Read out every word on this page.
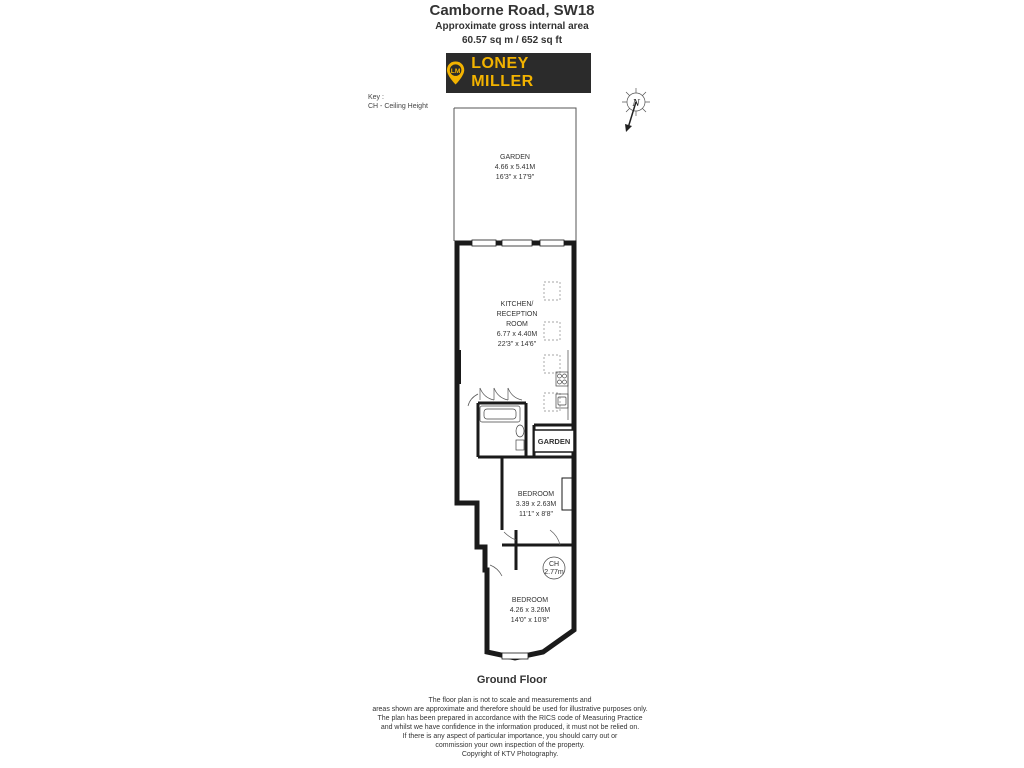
Camborne Road, SW18
Approximate gross internal area
60.57 sq m / 652 sq ft
LM LONEY MILLER
Key :
CH - Ceiling Height	N
CH
2.77m
GARDEN
4.66 x 5.41M
16'3" x 17'9"
KITCHEN/
RECEPTION
ROOM
6.77 x 4.40M
22'3" x 14'6"
GARDEN
BEDROOM
3.39 x 2.63M
11'1" x 8'8"
BEDROOM
4.26 x 3.26M
14'0" x 10'8"
Ground Floor
The floor plan is not to scale and measurements and
areas shown are approximate and therefore should be used for illustrative purposes only.
The plan has been prepared in accordance with the RICS code of Measuring Practice
and whilst we have confidence in the information produced, it must not be relied on.
If there is any aspect of particular importance, you should carry out or
commission your own inspection of the property.
Copyright of KTV Photography.
